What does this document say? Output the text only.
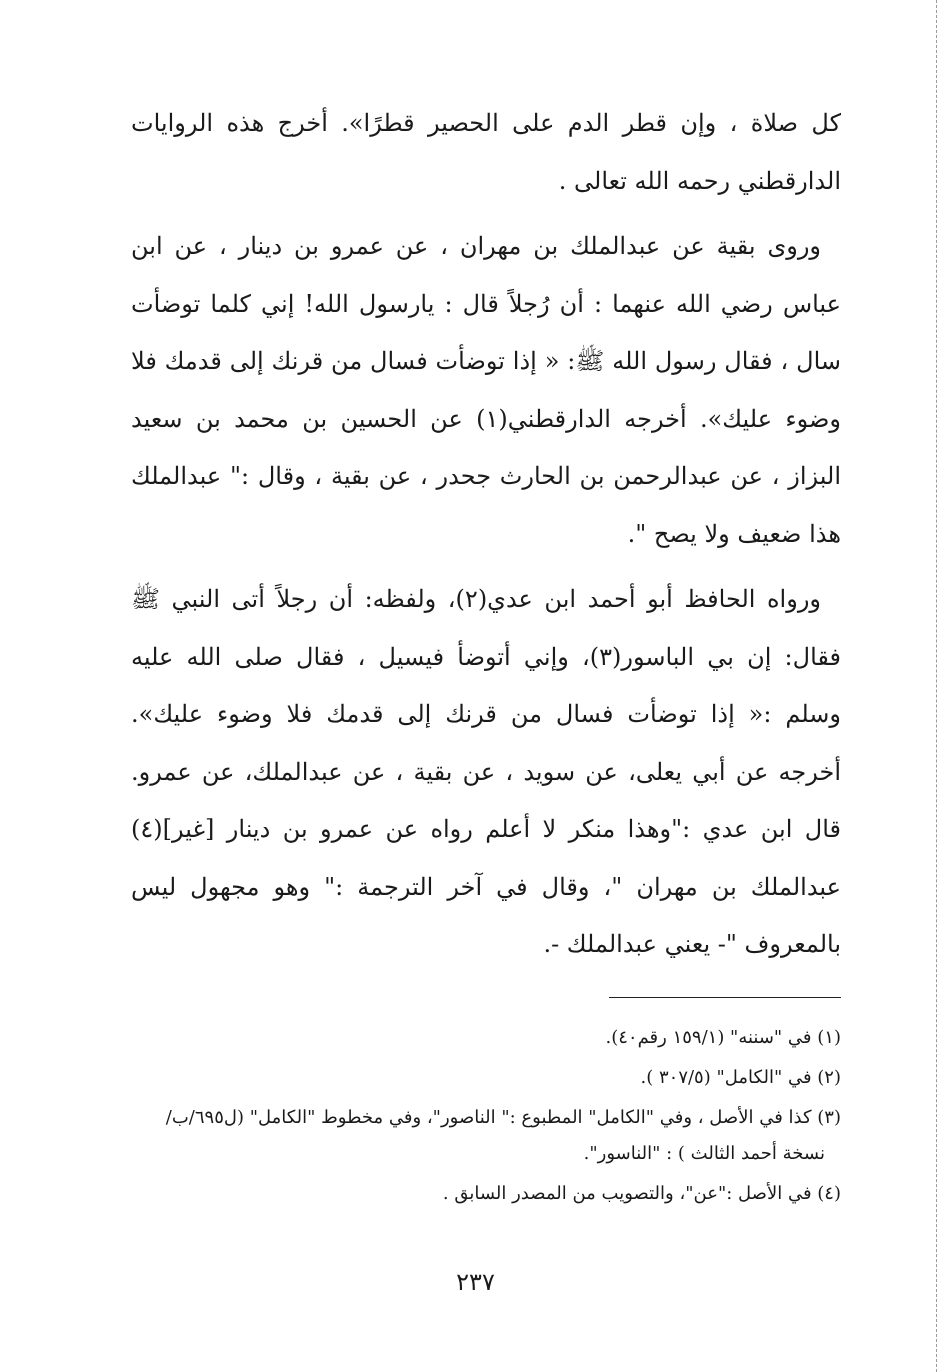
كل صلاة ، وإن قطر الدم على الحصير قطرًا». أخرج هذه الروايات الدارقطني رحمه الله تعالى .

وروى بقية عن عبدالملك بن مهران ، عن عمرو بن دينار ، عن ابن عباس رضي الله عنهما : أن رُجلاً قال : يارسول الله! إني كلما توضأت سال ، فقال رسول الله ﷺ: « إذا توضأت فسال من قرنك إلى قدمك فلا وضوء عليك». أخرجه الدارقطني(١) عن الحسين بن محمد بن سعيد البزاز ، عن عبدالرحمن بن الحارث جحدر ، عن بقية ، وقال :" عبدالملك هذا ضعيف ولا يصح ".

ورواه الحافظ أبو أحمد ابن عدي(٢)، ولفظه: أن رجلاً أتى النبي ﷺ فقال: إن بي الباسور(٣)، وإني أتوضأ فيسيل ، فقال صلى الله عليه وسلم :« إذا توضأت فسال من قرنك إلى قدمك فلا وضوء عليك». أخرجه عن أبي يعلى، عن سويد ، عن بقية ، عن عبدالملك، عن عمرو. قال ابن عدي :"وهذا منكر لا أعلم رواه عن عمرو بن دينار [غير](٤) عبدالملك بن مهران "، وقال في آخر الترجمة :" وهو مجهول ليس بالمعروف "- يعني عبدالملك -.

(١) في "سننه" (١٥٩/١ رقم٤٠).

(٢) في "الكامل" (٣٠٧/٥ ).

(٣) كذا في الأصل ، وفي "الكامل" المطبوع :" الناصور"، وفي مخطوط "الكامل" (ل٦٩٥/ب/
نسخة أحمد الثالث ) : "الناسور".

(٤) في الأصل :"عن"، والتصويب من المصدر السابق .

٢٣٧
